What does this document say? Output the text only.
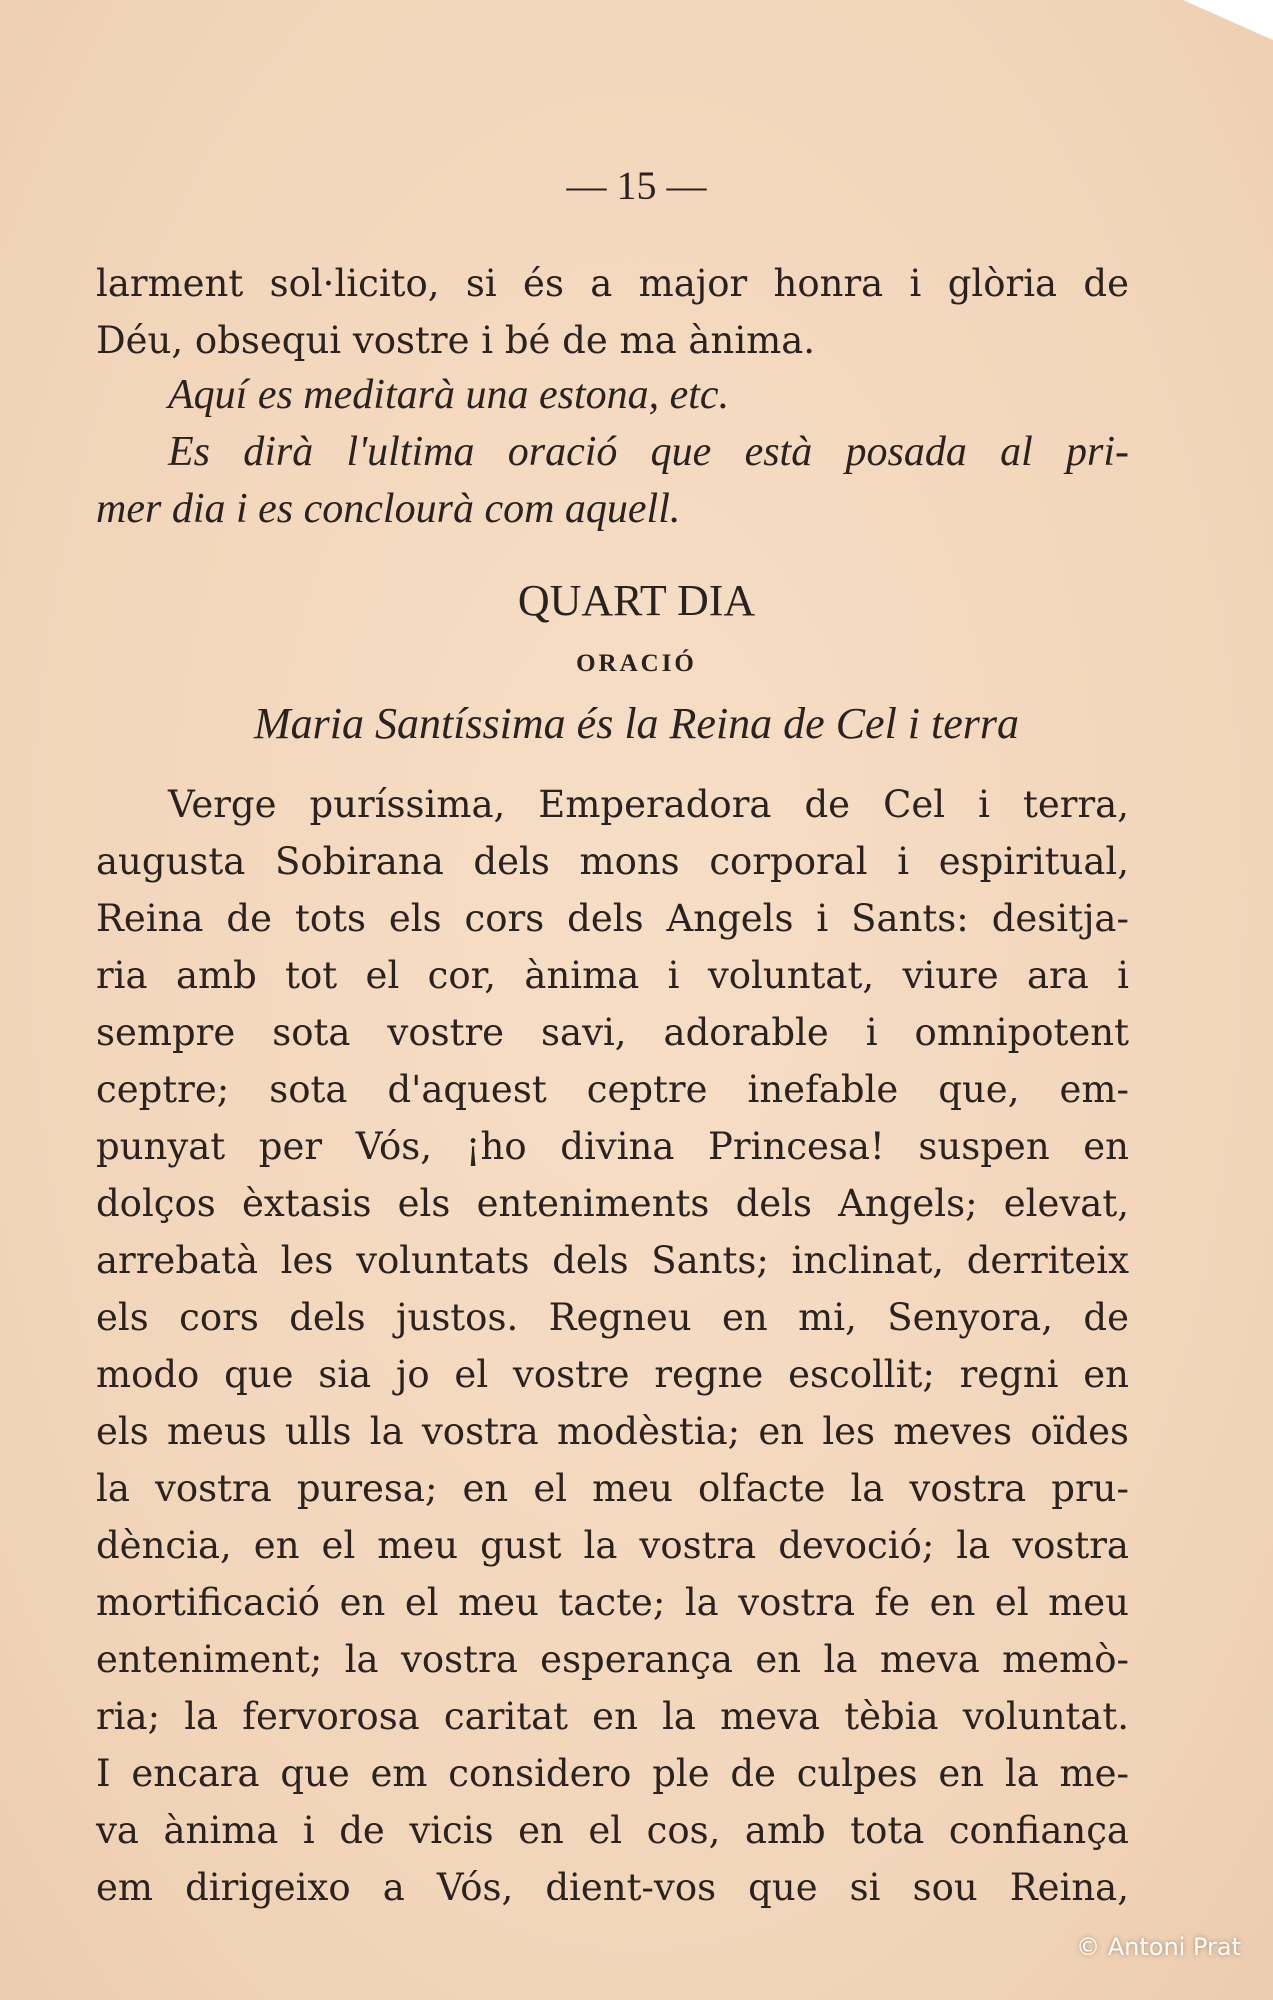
— 15 —
larment sol·licito, si és a major honra i glòria de
Déu, obsequi vostre i bé de ma ànima.
Aquí es meditarà una estona, etc.
Es dirà l'ultima oració que està posada al pri-
mer dia i es conclourà com aquell.
QUART DIA
ORACIÓ
Maria Santíssima és la Reina de Cel i terra
Verge puríssima, Emperadora de Cel i terra,
augusta Sobirana dels mons corporal i espiritual,
Reina de tots els cors dels Angels i Sants: desitja-
ria amb tot el cor, ànima i voluntat, viure ara i
sempre sota vostre savi, adorable i omnipotent
ceptre; sota d'aquest ceptre inefable que, em-
punyat per Vós, ¡ho divina Princesa! suspen en
dolços èxtasis els enteniments dels Angels; elevat,
arrebatà les voluntats dels Sants; inclinat, derriteix
els cors dels justos. Regneu en mi, Senyora, de
modo que sia jo el vostre regne escollit; regni en
els meus ulls la vostra modèstia; en les meves oïdes
la vostra puresa; en el meu olfacte la vostra pru-
dència, en el meu gust la vostra devoció; la vostra
mortificació en el meu tacte; la vostra fe en el meu
enteniment; la vostra esperança en la meva memò-
ria; la fervorosa caritat en la meva tèbia voluntat.
I encara que em considero ple de culpes en la me-
va ànima i de vicis en el cos, amb tota confiança
em dirigeixo a Vós, dient-vos que si sou Reina,
© Antoni Prat
